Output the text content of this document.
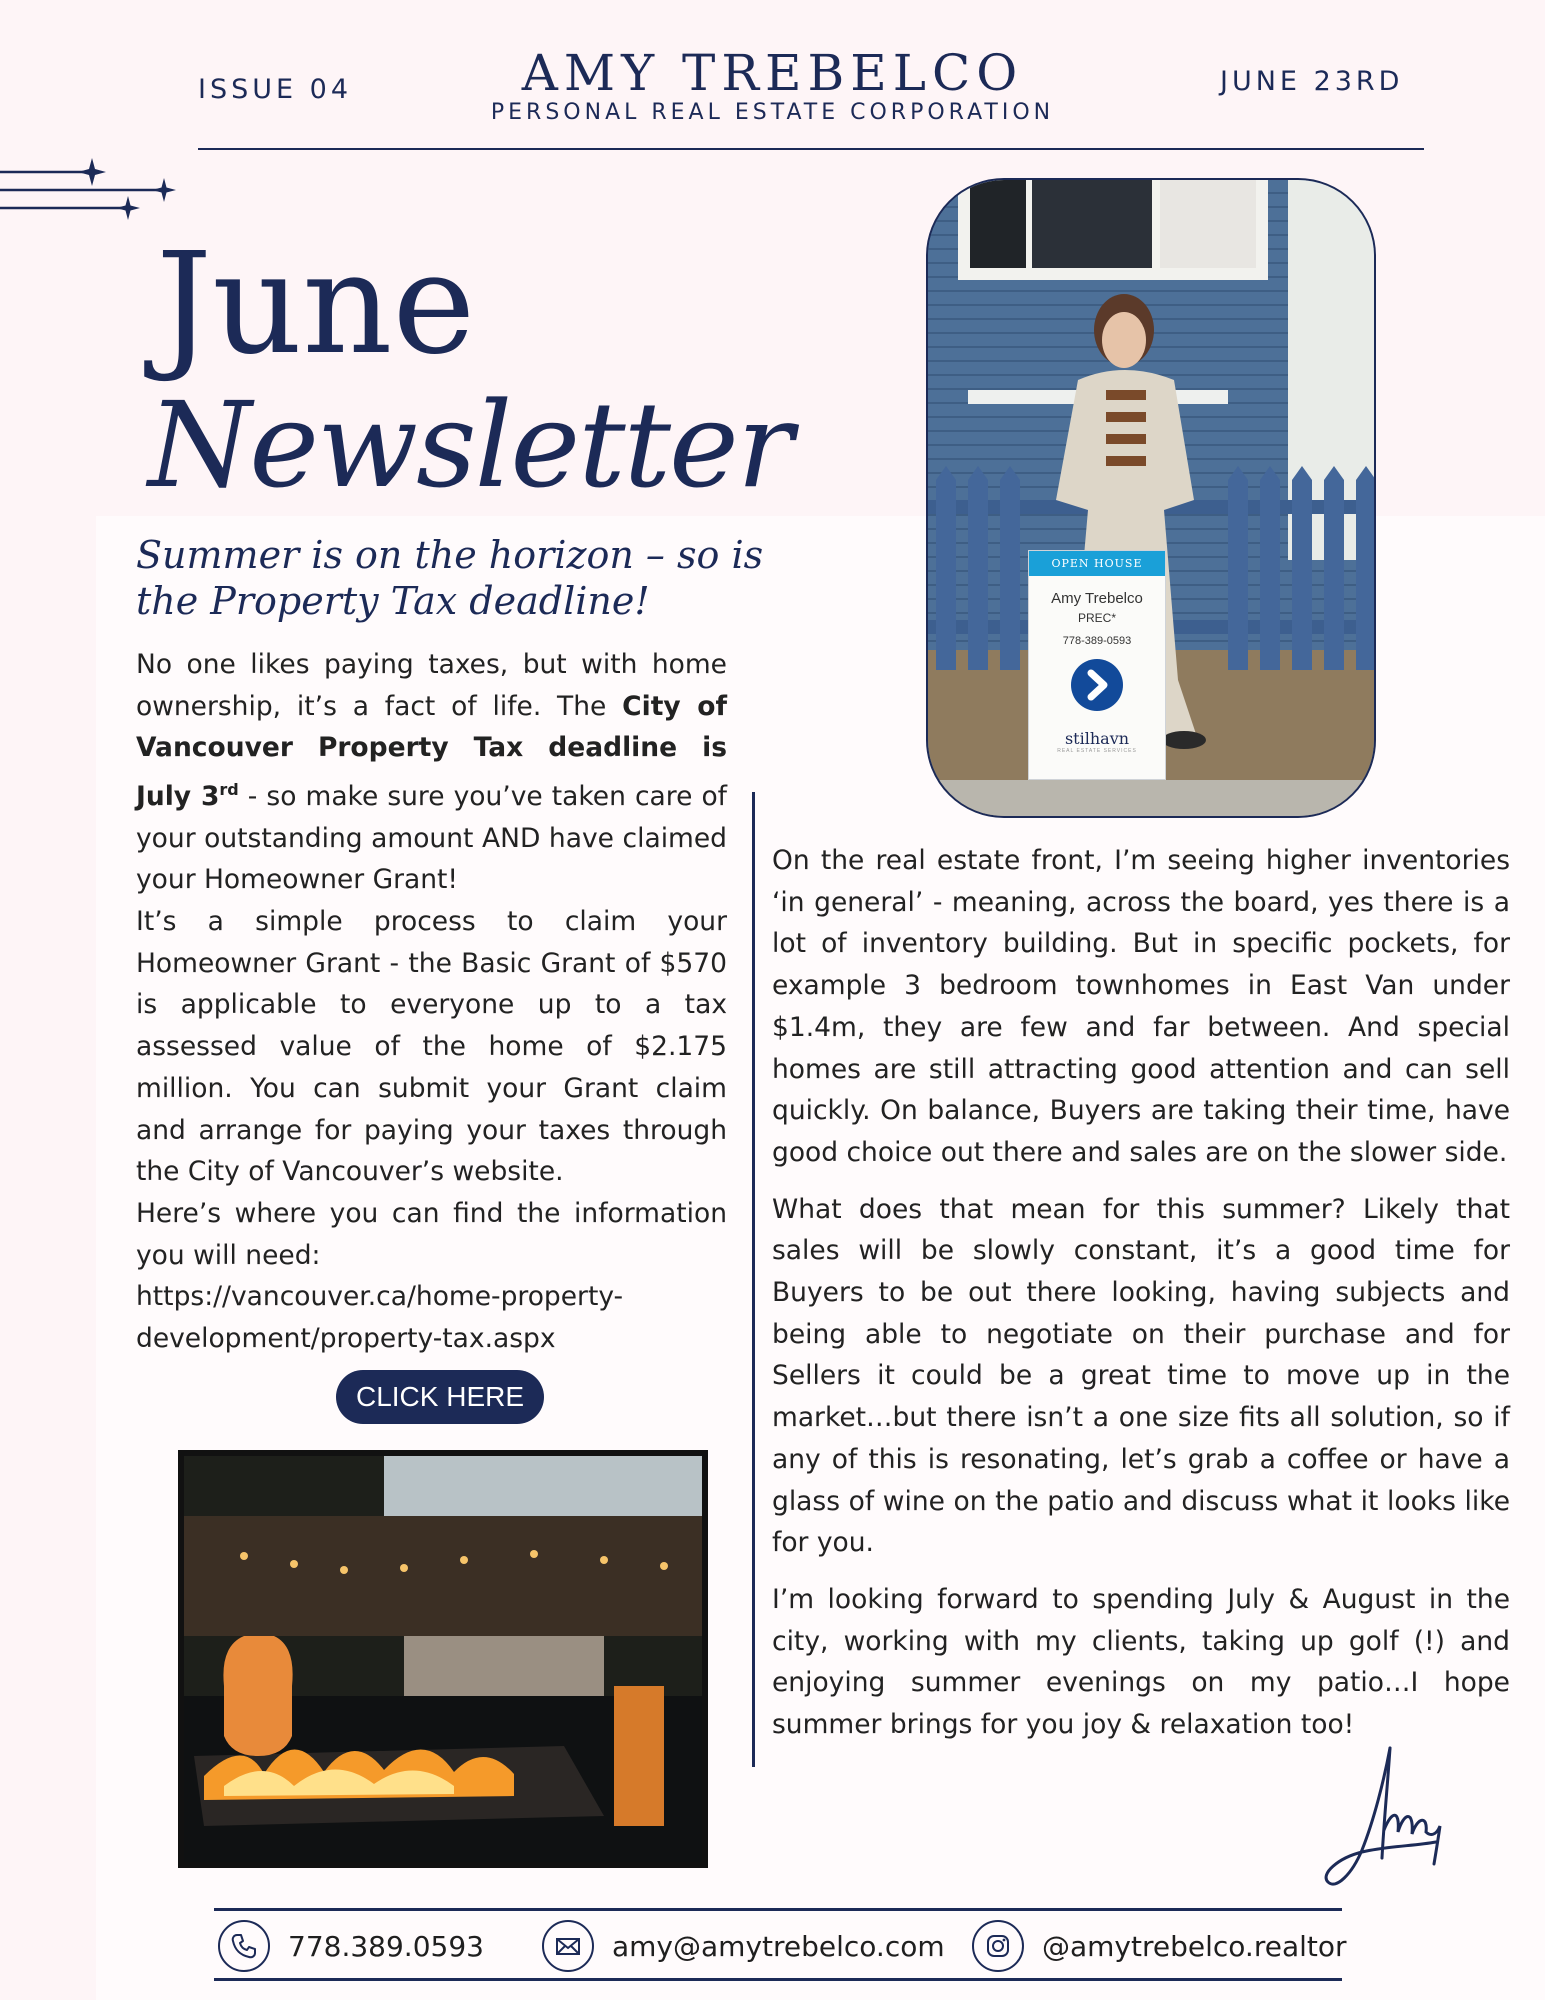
ISSUE 04	AMY TREBELCO
PERSONAL REAL ESTATE CORPORATION
JUNE 23RD
June
Newsletter
OPEN HOUSE
Amy Trebelco
PREC*
778-389-0593
stilhavn
REAL ESTATE SERVICES
Summer is on the horizon – so is the Property Tax deadline!

No one likes paying taxes, but with home ownership, it’s a fact of life. The City of Vancouver Property Tax deadline is July 3rd - so make sure you’ve taken care of your outstanding amount AND have claimed your Homeowner Grant!

It’s a simple process to claim your Homeowner Grant - the Basic Grant of $570 is applicable to everyone up to a tax assessed value of the home of $2.175 million. You can submit your Grant claim and arrange for paying your taxes through the City of Vancouver’s website.

Here’s where you can find the information you will need:

https://vancouver.ca/home-property-development/property-tax.aspx

CLICK HERE

On the real estate front, I’m seeing higher inventories ‘in general’ - meaning, across the board, yes there is a lot of inventory building. But in specific pockets, for example 3 bedroom townhomes in East Van under $1.4m, they are few and far between. And special homes are still attracting good attention and can sell quickly. On balance, Buyers are taking their time, have good choice out there and sales are on the slower side.

What does that mean for this summer? Likely that sales will be slowly constant, it’s a good time for Buyers to be out there looking, having subjects and being able to negotiate on their purchase and for Sellers it could be a great time to move up in the market…but there isn’t a one size fits all solution, so if any of this is resonating, let’s grab a coffee or have a glass of wine on the patio and discuss what it looks like for you.

I’m looking forward to spending July & August in the city, working with my clients, taking up golf (!) and enjoying summer evenings on my patio…I hope summer brings for you joy & relaxation too!

778.389.0593	amy@amytrebelco.com	@amytrebelco.realtor
